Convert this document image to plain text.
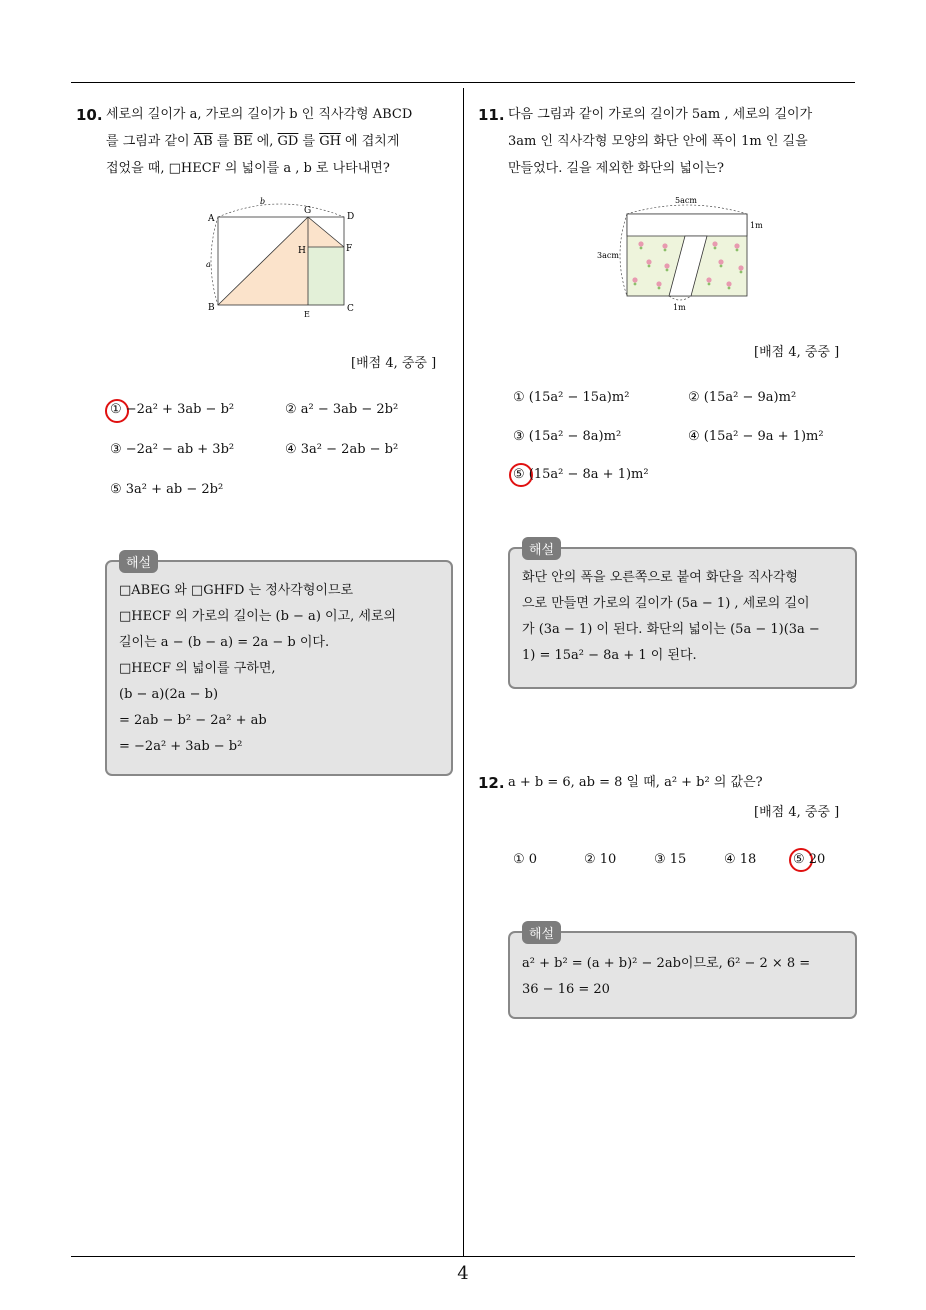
10. 세로의 길이가 a, 가로의 길이가 b 인 직사각형 ABCD
를 그림과 같이 $\overline{AB}$ 를 $\overline{BE}$ 에, $\overline{GD}$ 를 $\overline{GH}$ 에 겹치게
접었을 때, □HECF 의 넓이를 a , b 로 나타내면?
A
B	C
D
E
F
G
H
b
a
[배점 4, 중중 ]
① −2a² + 3ab − b²	② a² − 3ab − 2b²
③ −2a² − ab + 3b²	④ 3a² − 2ab − b²
⑤ 3a² + ab − 2b²
해설
□ABEG 와 □GHFD 는 정사각형이므로
□HECF 의 가로의 길이는 (b − a) 이고, 세로의
길이는 a − (b − a) = 2a − b 이다.
□HECF 의 넓이를 구하면,
(b − a)(2a − b)
= 2ab − b² − 2a² + ab
= −2a² + 3ab − b²
11. 다음 그림과 같이 가로의 길이가 5am , 세로의 길이가
3am 인 직사각형 모양의 화단 안에 폭이 1m 인 길을
만들었다. 길을 제외한 화단의 넓이는?
5acm
3acm
1m
1m
[배점 4, 중중 ]
① (15a² − 15a)m²	② (15a² − 9a)m²
③ (15a² − 8a)m²	④ (15a² − 9a + 1)m²
⑤ (15a² − 8a + 1)m²
해설
화단 안의 폭을 오른쪽으로 붙여 화단을 직사각형
으로 만들면 가로의 길이가 (5a − 1) , 세로의 길이
가 (3a − 1) 이 된다. 화단의 넓이는 (5a − 1)(3a −
1) = 15a² − 8a + 1 이 된다.
12. a + b = 6, ab = 8 일 때, a² + b² 의 값은?
[배점 4, 중중 ]
① 0	② 10	③ 15	④ 18	⑤ 20
해설
a² + b² = (a + b)² − 2ab이므로, 6² − 2 × 8 =
36 − 16 = 20
4
